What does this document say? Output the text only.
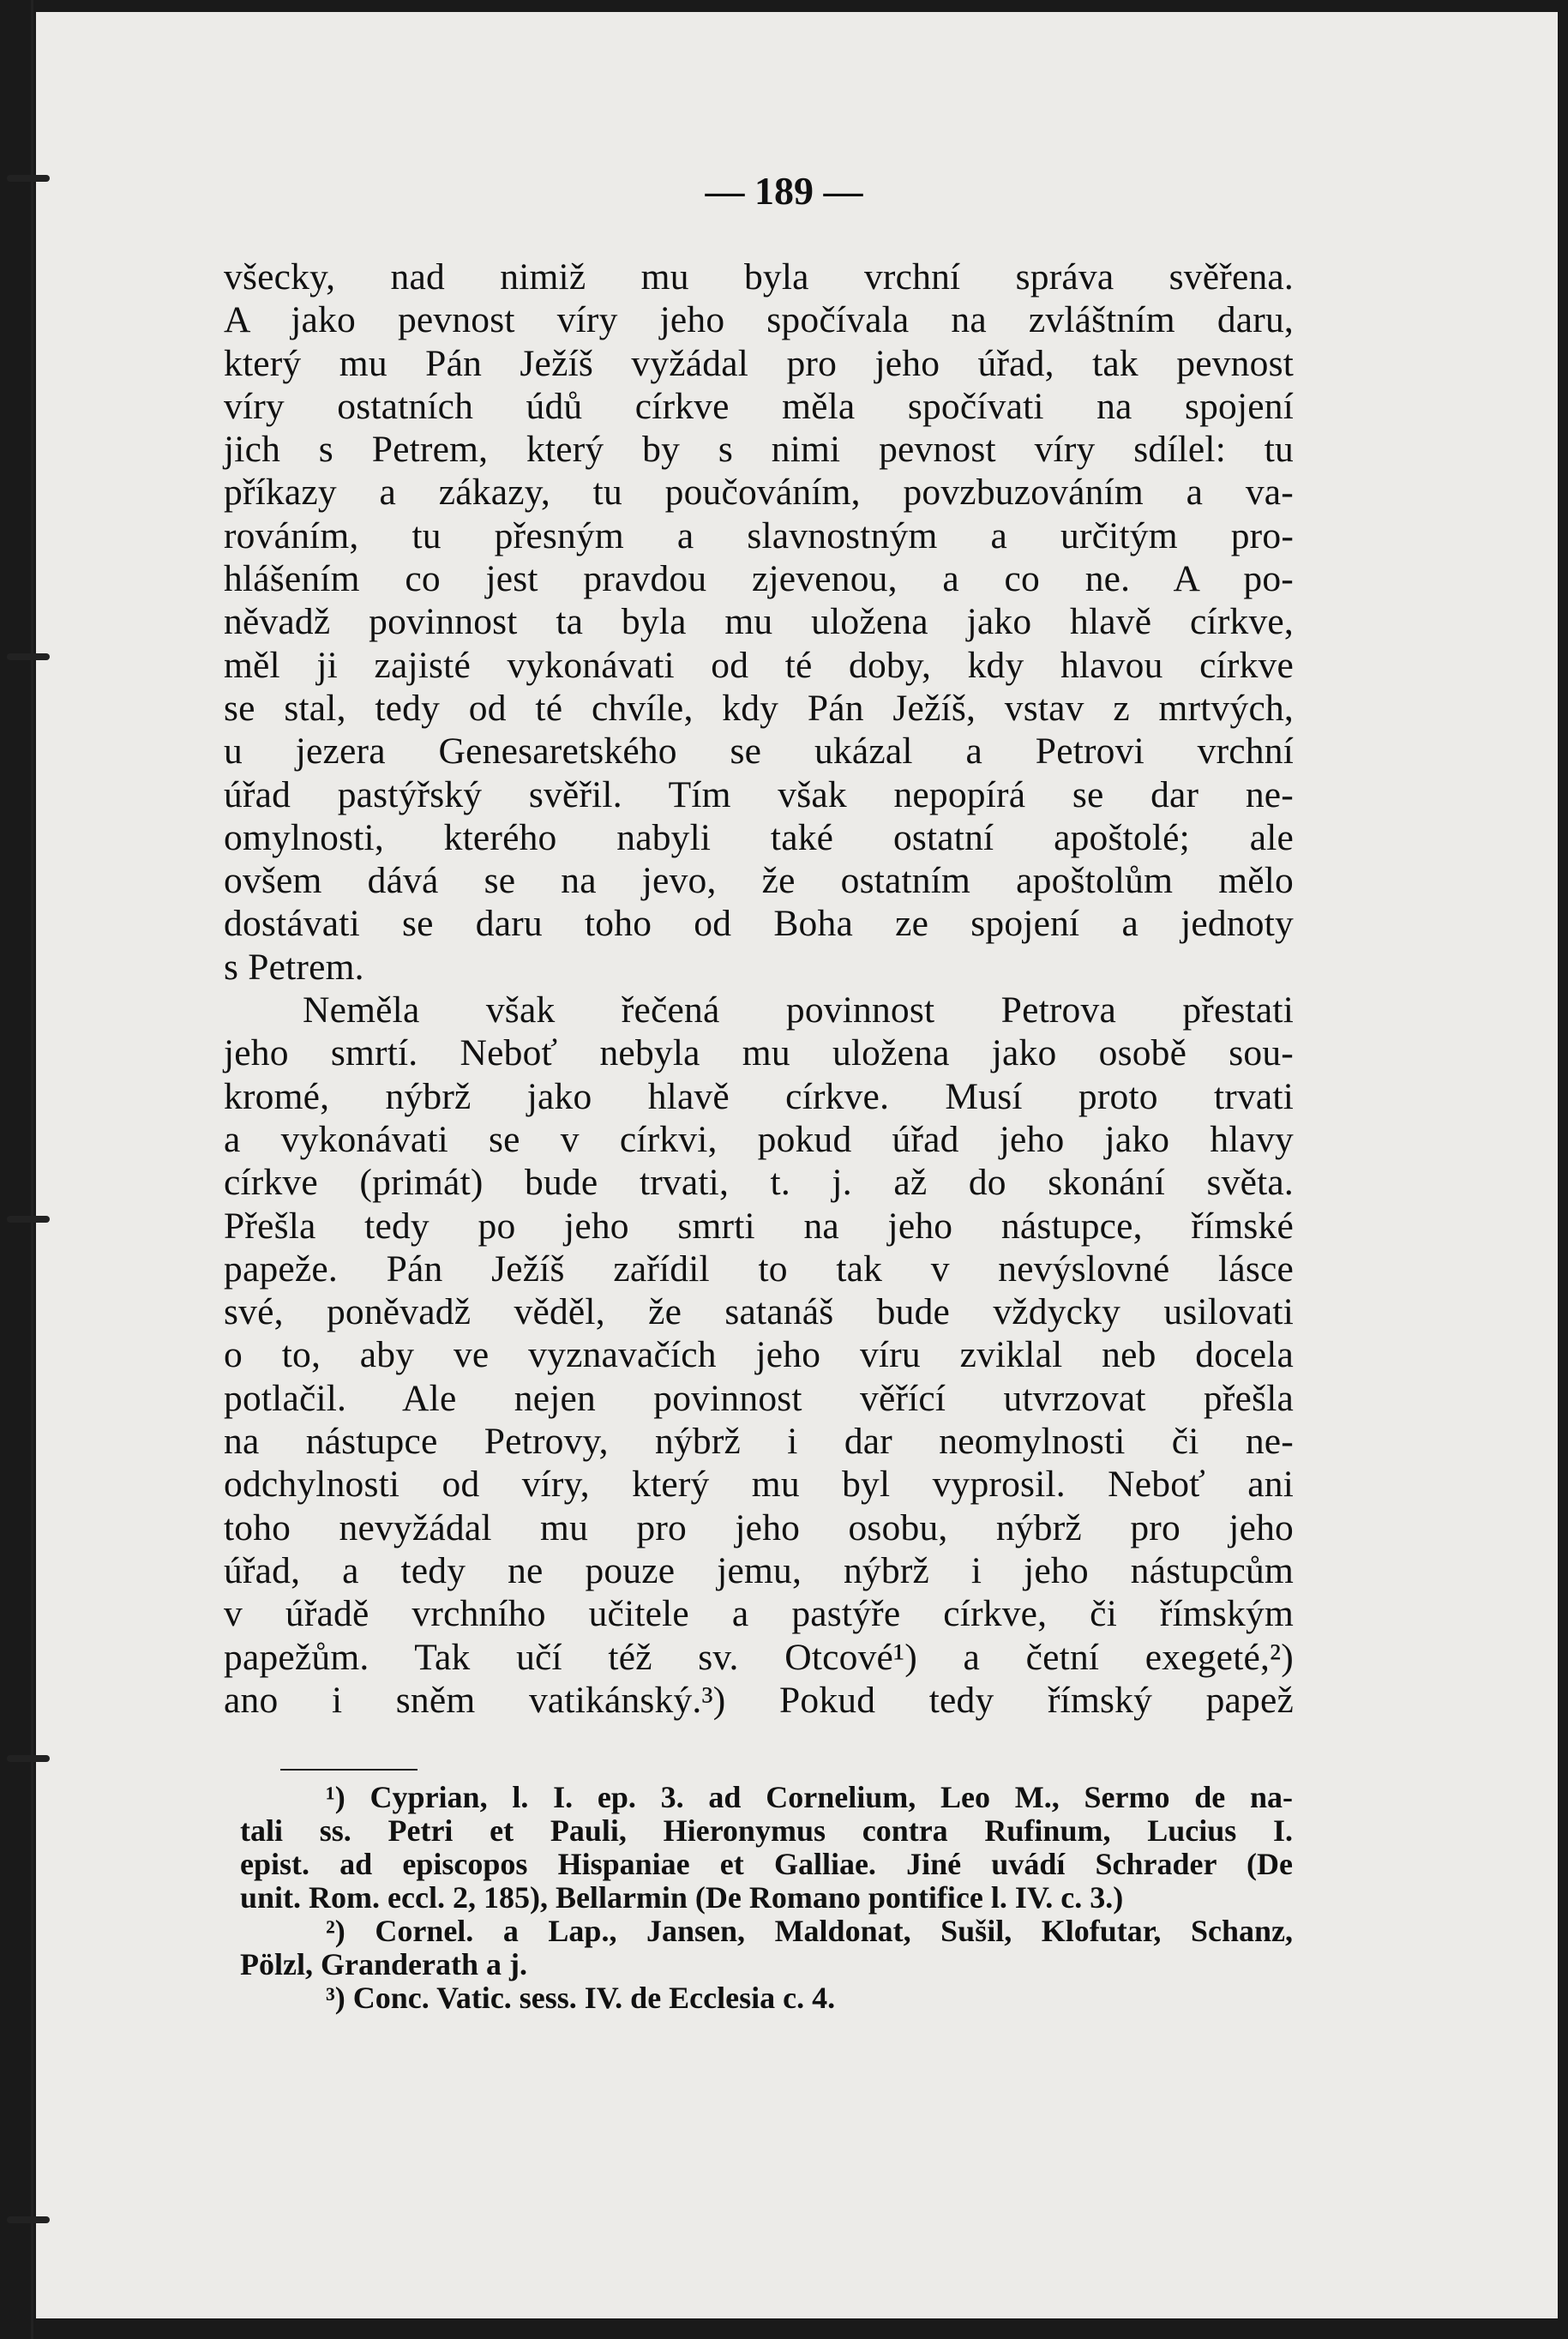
— 189 —

všecky, nad nimiž mu byla vrchní správa svěřena.

A jako pevnost víry jeho spočívala na zvláštním daru,

který mu Pán Ježíš vyžádal pro jeho úřad, tak pevnost

víry ostatních údů církve měla spočívati na spojení

jich s Petrem, který by s nimi pevnost víry sdílel: tu

příkazy a zákazy, tu poučováním, povzbuzováním a va-

rováním, tu přesným a slavnostným a určitým pro-

hlášením co jest pravdou zjevenou, a co ne. A po-

něvadž povinnost ta byla mu uložena jako hlavě církve,

měl ji zajisté vykonávati od té doby, kdy hlavou církve

se stal, tedy od té chvíle, kdy Pán Ježíš, vstav z mrtvých,

u jezera Genesaretského se ukázal a Petrovi vrchní

úřad pastýřský svěřil. Tím však nepopírá se dar ne-

omylnosti, kterého nabyli také ostatní apoštolé; ale

ovšem dává se na jevo, že ostatním apoštolům mělo

dostávati se daru toho od Boha ze spojení a jednoty

s Petrem.

Neměla však řečená povinnost Petrova přestati

jeho smrtí. Neboť nebyla mu uložena jako osobě sou-

kromé, nýbrž jako hlavě církve. Musí proto trvati

a vykonávati se v církvi, pokud úřad jeho jako hlavy

církve (primát) bude trvati, t. j. až do skonání světa.

Přešla tedy po jeho smrti na jeho nástupce, římské

papeže. Pán Ježíš zařídil to tak v nevýslovné lásce

své, poněvadž věděl, že satanáš bude vždycky usilovati

o to, aby ve vyznavačích jeho víru zviklal neb docela

potlačil. Ale nejen povinnost věřící utvrzovat přešla

na nástupce Petrovy, nýbrž i dar neomylnosti či ne-

odchylnosti od víry, který mu byl vyprosil. Neboť ani

toho nevyžádal mu pro jeho osobu, nýbrž pro jeho

úřad, a tedy ne pouze jemu, nýbrž i jeho nástupcům

v úřadě vrchního učitele a pastýře církve, či římským

papežům. Tak učí též sv. Otcové¹) a četní exegeté,²)

ano i sněm vatikánský.³) Pokud tedy římský papež

¹) Cyprian, l. I. ep. 3. ad Cornelium, Leo M., Sermo de na-

tali ss. Petri et Pauli, Hieronymus contra Rufinum, Lucius I.

epist. ad episcopos Hispaniae et Galliae. Jiné uvádí Schrader (De

unit. Rom. eccl. 2, 185), Bellarmin (De Romano pontifice l. IV. c. 3.)

²) Cornel. a Lap., Jansen, Maldonat, Sušil, Klofutar, Schanz,

Pölzl, Granderath a j.

³) Conc. Vatic. sess. IV. de Ecclesia c. 4.
